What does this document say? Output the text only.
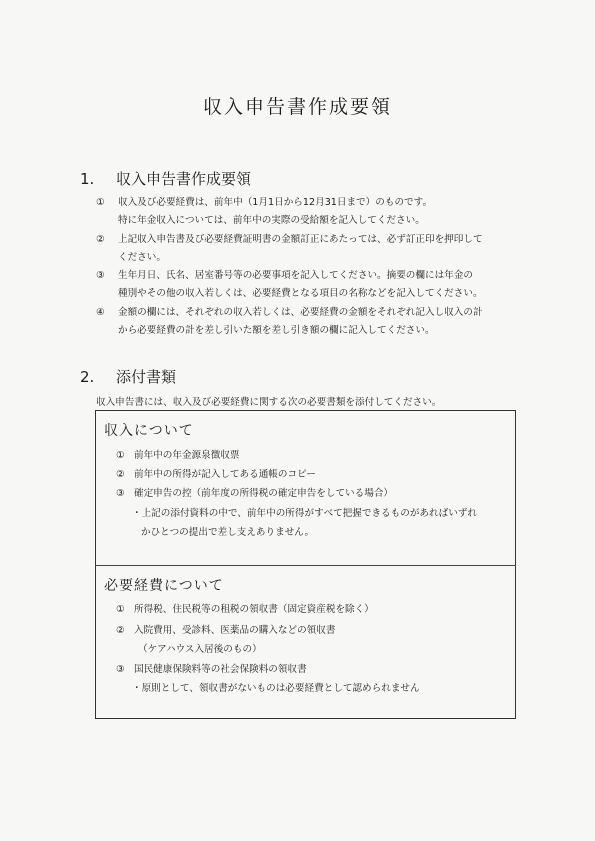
収入申告書作成要領
1. 収入申告書作成要領
① 収入及び必要経費は、前年中（1月1日から12月31日まで）のものです。
特に年金収入については、前年中の実際の受給額を記入してください。
② 上記収入申告書及び必要経費証明書の金額訂正にあたっては、必ず訂正印を押印して
ください。
③ 生年月日、氏名、居室番号等の必要事項を記入してください。摘要の欄には年金の
種別やその他の収入若しくは、必要経費となる項目の名称などを記入してください。
④ 金額の欄には、それぞれの収入若しくは、必要経費の金額をそれぞれ記入し収入の計
から必要経費の計を差し引いた額を差し引き額の欄に記入してください。
2. 添付書類
収入申告書には、収入及び必要経費に関する次の必要書類を添付してください。
収入について
① 前年中の年金源泉徴収票
② 前年中の所得が記入してある通帳のコピー
③ 確定申告の控（前年度の所得税の確定申告をしている場合）
・上記の添付資料の中で、前年中の所得がすべて把握できるものがあればいずれ
かひとつの提出で差し支えありません。
必要経費について
① 所得税、住民税等の租税の領収書（固定資産税を除く）
② 入院費用、受診料、医薬品の購入などの領収書
（ケアハウス入居後のもの）
③ 国民健康保険料等の社会保険料の領収書
・原則として、領収書がないものは必要経費として認められません
